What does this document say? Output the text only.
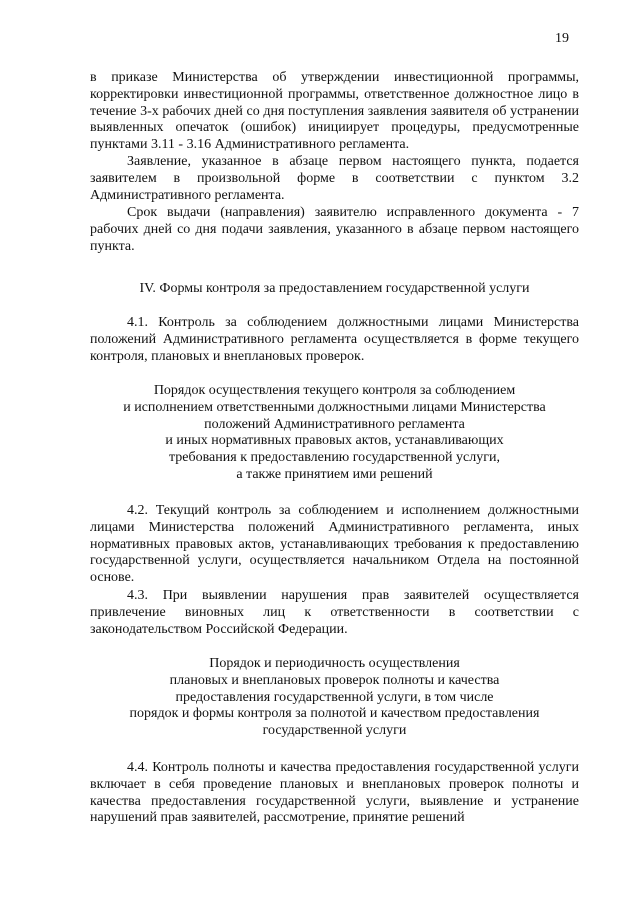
19
в приказе Министерства об утверждении инвестиционной программы, корректировки инвестиционной программы, ответственное должностное лицо в течение 3-х рабочих дней со дня поступления заявления заявителя об устранении выявленных опечаток (ошибок) инициирует процедуры, предусмотренные пунктами 3.11 - 3.16 Административного регламента.
Заявление, указанное в абзаце первом настоящего пункта, подается заявителем в произвольной форме в соответствии с пунктом 3.2 Административного регламента.
Срок выдачи (направления) заявителю исправленного документа - 7 рабочих дней со дня подачи заявления, указанного в абзаце первом настоящего пункта.
IV. Формы контроля за предоставлением государственной услуги
4.1. Контроль за соблюдением должностными лицами Министерства положений Административного регламента осуществляется в форме текущего контроля, плановых и внеплановых проверок.
Порядок осуществления текущего контроля за соблюдением
и исполнением ответственными должностными лицами Министерства
положений Административного регламента
и иных нормативных правовых актов, устанавливающих
требования к предоставлению государственной услуги,
а также принятием ими решений
4.2. Текущий контроль за соблюдением и исполнением должностными лицами Министерства положений Административного регламента, иных нормативных правовых актов, устанавливающих требования к предоставлению государственной услуги, осуществляется начальником Отдела на постоянной основе.
4.3. При выявлении нарушения прав заявителей осуществляется привлечение виновных лиц к ответственности в соответствии с законодательством Российской Федерации.
Порядок и периодичность осуществления
плановых и внеплановых проверок полноты и качества
предоставления государственной услуги, в том числе
порядок и формы контроля за полнотой и качеством предоставления
государственной услуги
4.4. Контроль полноты и качества предоставления государственной услуги включает в себя проведение плановых и внеплановых проверок полноты и качества предоставления государственной услуги, выявление и устранение нарушений прав заявителей, рассмотрение, принятие решений
